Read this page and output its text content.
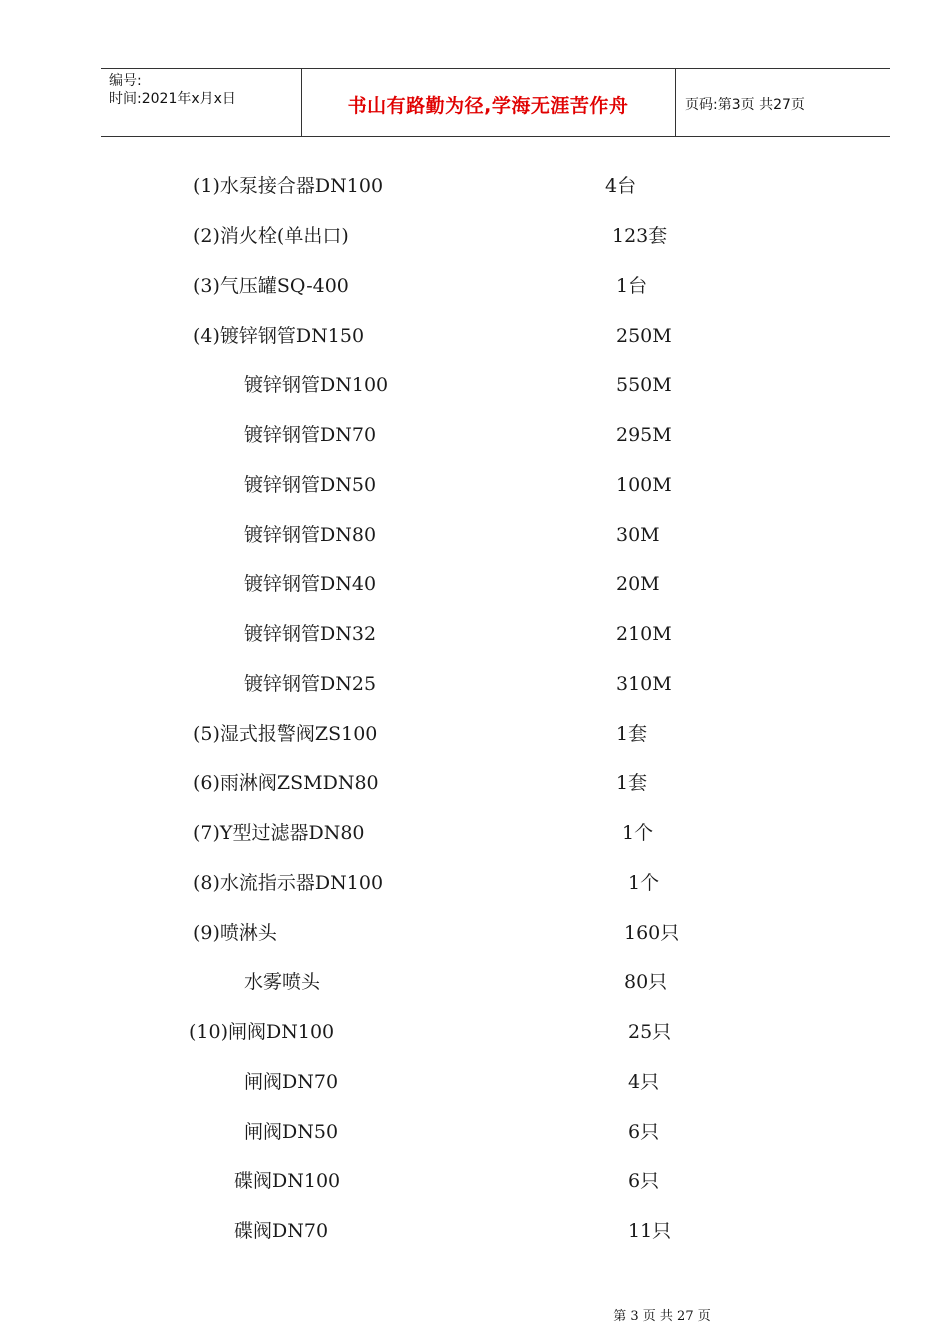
编号:
时间:2021年x月x日	书山有路勤为径,学海无涯苦作舟	页码:第3页 共27页
(1)水泵接合器DN100	4台
(2)消火栓(单出口)	123套
(3)气压罐SQ-400	1台
(4)镀锌钢管DN150	250M
镀锌钢管DN100	550M
镀锌钢管DN70	295M
镀锌钢管DN50	100M
镀锌钢管DN80	30M
镀锌钢管DN40	20M
镀锌钢管DN32	210M
镀锌钢管DN25	310M
(5)湿式报警阀ZS100	1套
(6)雨淋阀ZSMDN80	1套
(7)Y型过滤器DN80	1个
(8)水流指示器DN100	1个
(9)喷淋头	160只
水雾喷头	80只
(10)闸阀DN100	25只
闸阀DN70	4只
闸阀DN50	6只
碟阀DN100	6只
碟阀DN70	11只
第 3 页 共 27 页
